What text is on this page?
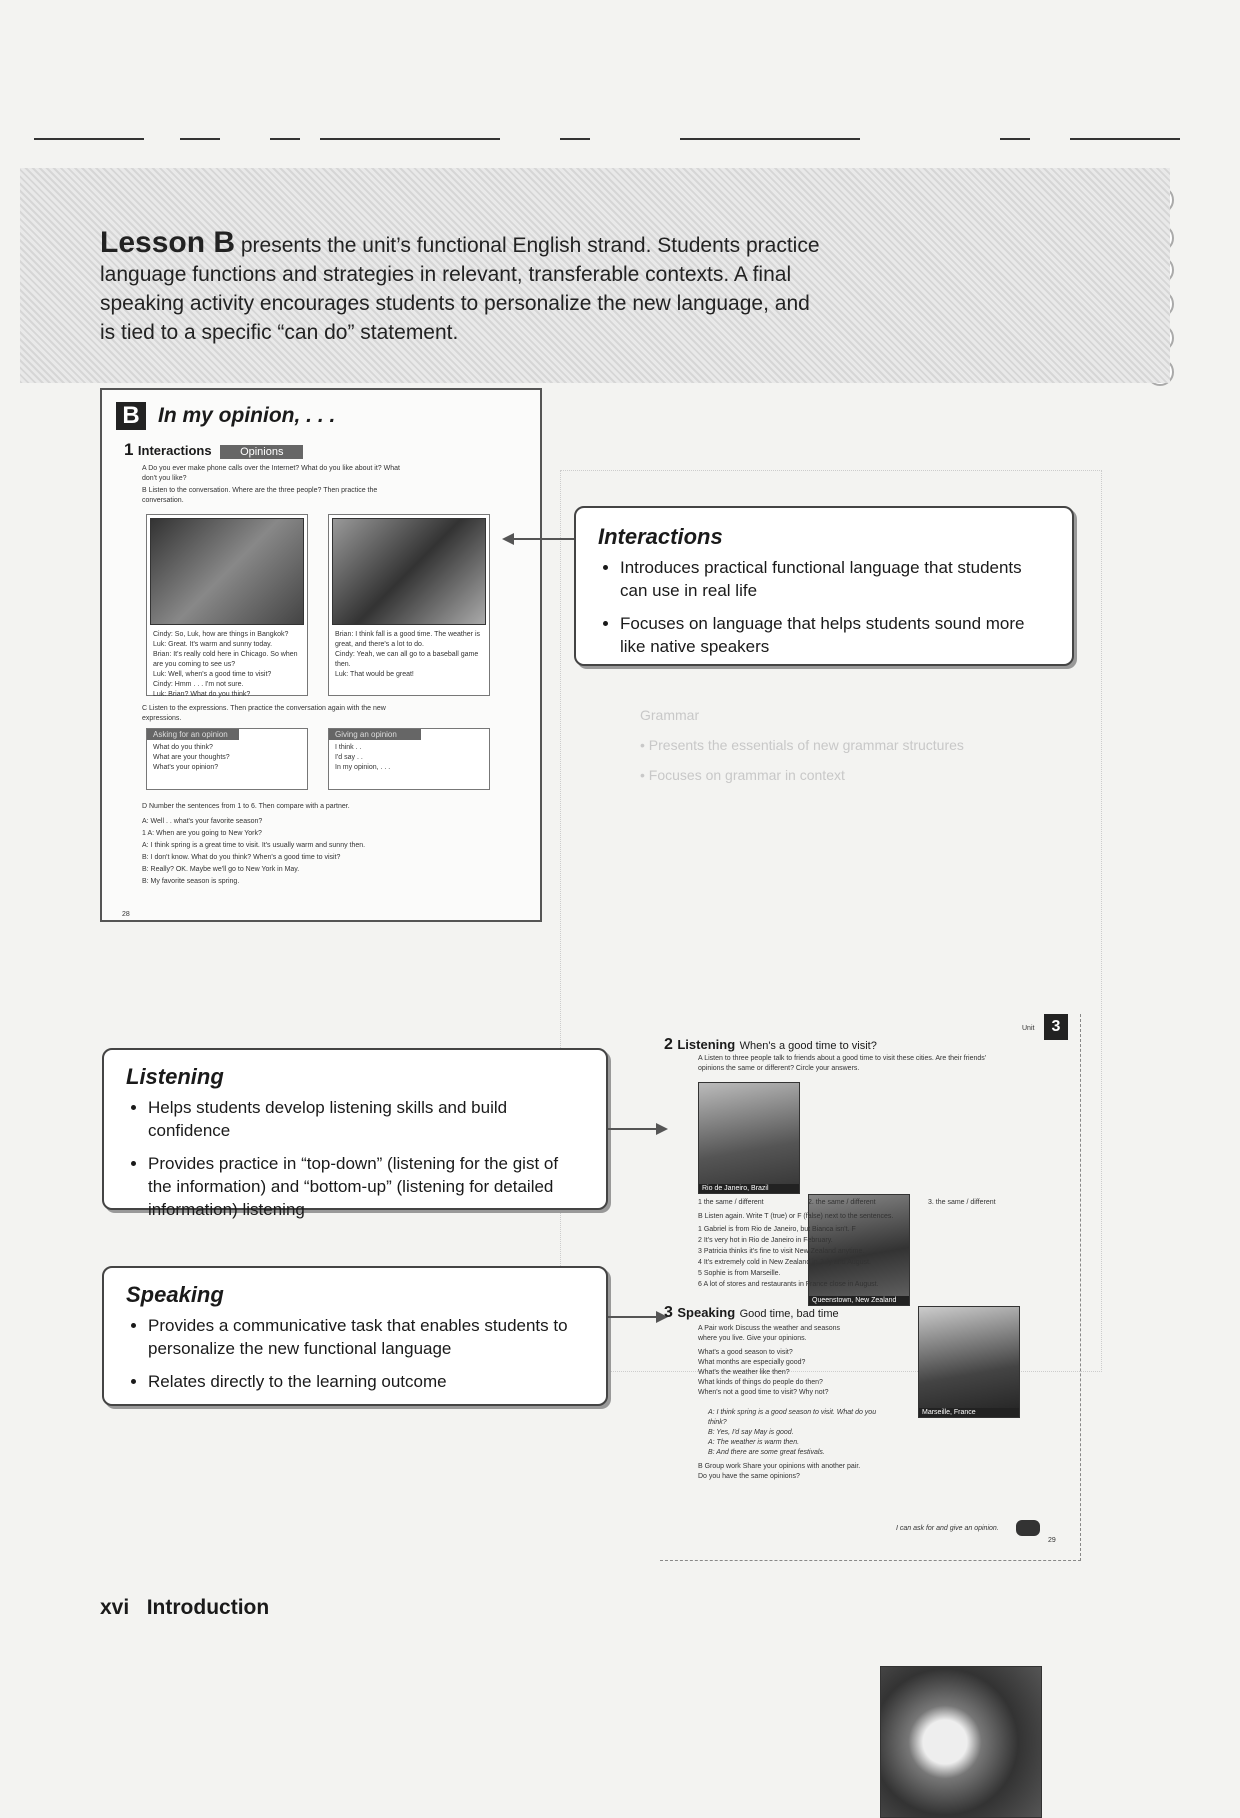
Lesson B presents the unit’s functional English strand. Students practice language functions and strategies in relevant, transferable contexts. A final speaking activity encourages students to personalize the new language, and is tied to a specific “can do” statement.
B In my opinion, . . .
1 Interactions	Opinions
A Do you ever make phone calls over the Internet? What do you like about it? What don't you like?
B Listen to the conversation. Where are the three people? Then practice the conversation.
Cindy: So, Luk, how are things in Bangkok?
Luk: Great. It's warm and sunny today.
Brian: It's really cold here in Chicago. So when are you coming to see us?
Luk: Well, when's a good time to visit?
Cindy: Hmm . . . I'm not sure.
Luk: Brian? What do you think?
Brian: I think fall is a good time. The weather is great, and there's a lot to do.
Cindy: Yeah, we can all go to a baseball game then.
Luk: That would be great!
C Listen to the expressions. Then practice the conversation again with the new expressions.
Asking for an opinion
What do you think?
What are your thoughts?
What's your opinion?
Giving an opinion
I think . .
I'd say . .
In my opinion, . . .
D Number the sentences from 1 to 6. Then compare with a partner.
A: Well . . what's your favorite season?
1 A: When are you going to New York?
A: I think spring is a great time to visit. It's usually warm and sunny then.
B: I don't know. What do you think? When's a good time to visit?
B: Really? OK. Maybe we'll go to New York in May.
B: My favorite season is spring.
28
Interactions
• Introduces practical functional language that students can use in real life
• Focuses on language that helps students sound more like native speakers
Grammar
• Presents the essentials of new grammar structures
• Focuses on grammar in context
Listening
• Helps students develop listening skills and build confidence
• Provides practice in “top-down” (listening for the gist of the information) and “bottom-up” (listening for detailed information) listening
Speaking
• Provides a communicative task that enables students to personalize the new functional language
• Relates directly to the learning outcome
Unit	3
2 Listening When's a good time to visit?
A Listen to three people talk to friends about a good time to visit these cities. Are their friends' opinions the same or different? Circle your answers.
Rio de Janeiro, Brazil
Queenstown, New Zealand
Marseille, France
1 the same / different	2. the same / different	3. the same / different
B Listen again. Write T (true) or F (false) next to the sentences.
1 Gabriel is from Rio de Janeiro, but Bianca isn't. F
2 It's very hot in Rio de Janeiro in February.
3 Patricia thinks it's fine to visit New Zealand anytime.
4 It's extremely cold in New Zealand in July and August.
5 Sophie is from Marseille.
6 A lot of stores and restaurants in France close in August.
3 Speaking Good time, bad time
A Pair work Discuss the weather and seasons where you live. Give your opinions.
What's a good season to visit?
What months are especially good?
What's the weather like then?
What kinds of things do people do then?
When's not a good time to visit? Why not?
A: I think spring is a good season to visit. What do you think?
B: Yes, I'd say May is good.
A: The weather is warm then.
B: And there are some great festivals.
B Group work Share your opinions with another pair. Do you have the same opinions?
I can ask for and give an opinion.
29
xvi Introduction
